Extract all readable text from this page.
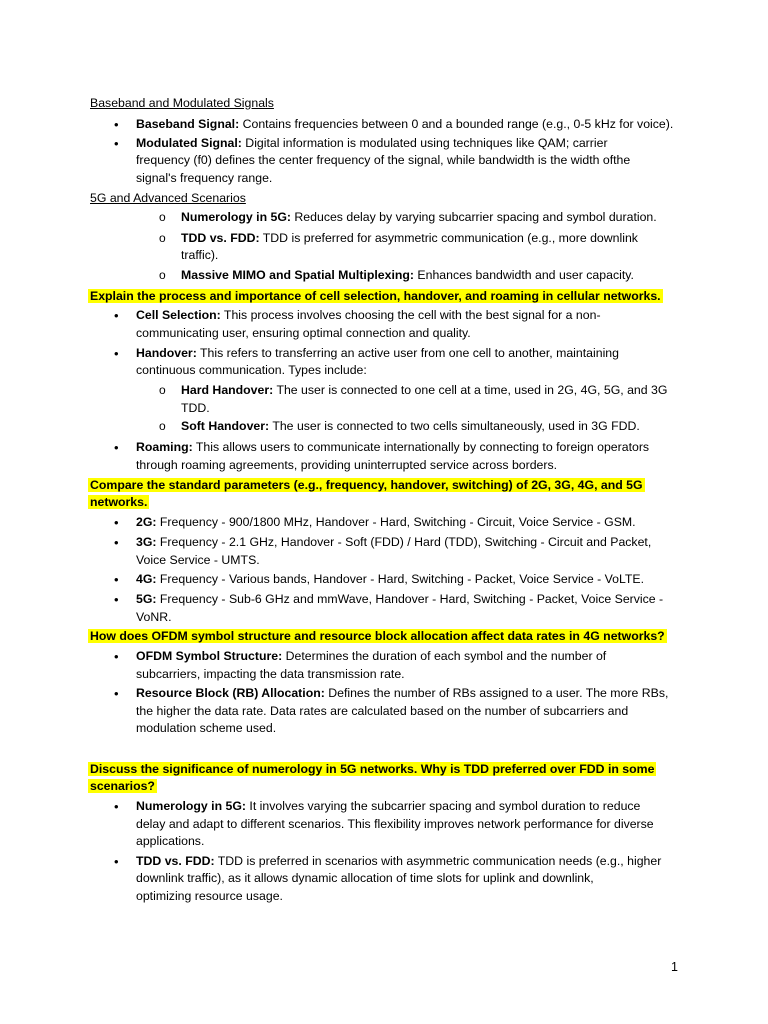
Baseband and Modulated Signals
• Baseband Signal: Contains frequencies between 0 and a bounded range (e.g., 0-5 kHz for voice).
• Modulated Signal: Digital information is modulated using techniques like QAM; carrier
frequency (f0) defines the center frequency of the signal, while bandwidth is the width ofthe
signal's frequency range.
5G and Advanced Scenarios
o Numerology in 5G: Reduces delay by varying subcarrier spacing and symbol duration.
o TDD vs. FDD: TDD is preferred for asymmetric communication (e.g., more downlink
traffic).
o Massive MIMO and Spatial Multiplexing: Enhances bandwidth and user capacity.
Explain the process and importance of cell selection, handover, and roaming in cellular networks.
• Cell Selection: This process involves choosing the cell with the best signal for a non-
communicating user, ensuring optimal connection and quality.
• Handover: This refers to transferring an active user from one cell to another, maintaining
continuous communication. Types include:
o Hard Handover: The user is connected to one cell at a time, used in 2G, 4G, 5G, and 3G
TDD.
o Soft Handover: The user is connected to two cells simultaneously, used in 3G FDD.
• Roaming: This allows users to communicate internationally by connecting to foreign operators
through roaming agreements, providing uninterrupted service across borders.
Compare the standard parameters (e.g., frequency, handover, switching) of 2G, 3G, 4G, and 5G
networks.
• 2G: Frequency - 900/1800 MHz, Handover - Hard, Switching - Circuit, Voice Service - GSM.
• 3G: Frequency - 2.1 GHz, Handover - Soft (FDD) / Hard (TDD), Switching - Circuit and Packet,
Voice Service - UMTS.
• 4G: Frequency - Various bands, Handover - Hard, Switching - Packet, Voice Service - VoLTE.
• 5G: Frequency - Sub-6 GHz and mmWave, Handover - Hard, Switching - Packet, Voice Service -
VoNR.
How does OFDM symbol structure and resource block allocation affect data rates in 4G networks?
• OFDM Symbol Structure: Determines the duration of each symbol and the number of
subcarriers, impacting the data transmission rate.
• Resource Block (RB) Allocation: Defines the number of RBs assigned to a user. The more RBs,
the higher the data rate. Data rates are calculated based on the number of subcarriers and
modulation scheme used.
Discuss the significance of numerology in 5G networks. Why is TDD preferred over FDD in some
scenarios?
• Numerology in 5G: It involves varying the subcarrier spacing and symbol duration to reduce
delay and adapt to different scenarios. This flexibility improves network performance for diverse
applications.
• TDD vs. FDD: TDD is preferred in scenarios with asymmetric communication needs (e.g., higher
downlink traffic), as it allows dynamic allocation of time slots for uplink and downlink,
optimizing resource usage.
1
